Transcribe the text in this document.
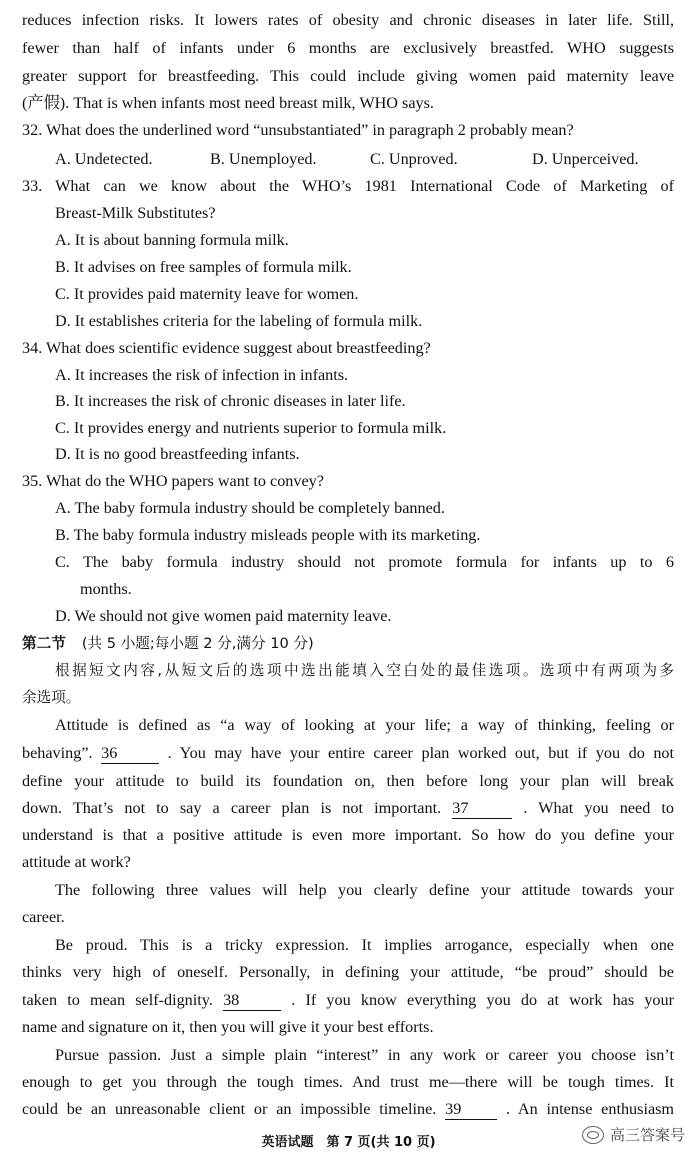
reduces infection risks. It lowers rates of obesity and chronic diseases in later life. Still,
fewer than half of infants under 6 months are exclusively breastfed. WHO suggests
greater support for breastfeeding. This could include giving women paid maternity leave
(产假). That is when infants most need breast milk, WHO says.
32. What does the underlined word “unsubstantiated” in paragraph 2 probably mean?
A. Undetected.	B. Unemployed.	C. Unproved.	D. Unperceived.
33. What can we know about the WHO’s 1981 International Code of Marketing of
Breast-Milk Substitutes?
A. It is about banning formula milk.
B. It advises on free samples of formula milk.
C. It provides paid maternity leave for women.
D. It establishes criteria for the labeling of formula milk.
34. What does scientific evidence suggest about breastfeeding?
A. It increases the risk of infection in infants.
B. It increases the risk of chronic diseases in later life.
C. It provides energy and nutrients superior to formula milk.
D. It is no good breastfeeding infants.
35. What do the WHO papers want to convey?
A. The baby formula industry should be completely banned.
B. The baby formula industry misleads people with its marketing.
C. The baby formula industry should not promote formula for infants up to 6
months.
D. We should not give women paid maternity leave.
第二节 (共 5 小题;每小题 2 分,满分 10 分)
根据短文内容,从短文后的选项中选出能填入空白处的最佳选项。选项中有两项为多
余选项。
Attitude is defined as “a way of looking at your life; a way of thinking, feeling or
behaving”. 36	. You may have your entire career plan worked out, but if you do not
define your attitude to build its foundation on, then before long your plan will break
down. That’s not to say a career plan is not important. 37	. What you need to
understand is that a positive attitude is even more important. So how do you define your
attitude at work?
The following three values will help you clearly define your attitude towards your
career.
Be proud. This is a tricky expression. It implies arrogance, especially when one
thinks very high of oneself. Personally, in defining your attitude, “be proud” should be
taken to mean self-dignity. 38	. If you know everything you do at work has your
name and signature on it, then you will give it your best efforts.
Pursue passion. Just a simple plain “interest” in any work or career you choose isn’t
enough to get you through the tough times. And trust me—there will be tough times. It
could be an unreasonable client or an impossible timeline. 39	. An intense enthusiasm
英语试题　第 7 页(共 10 页)	高三答案号
